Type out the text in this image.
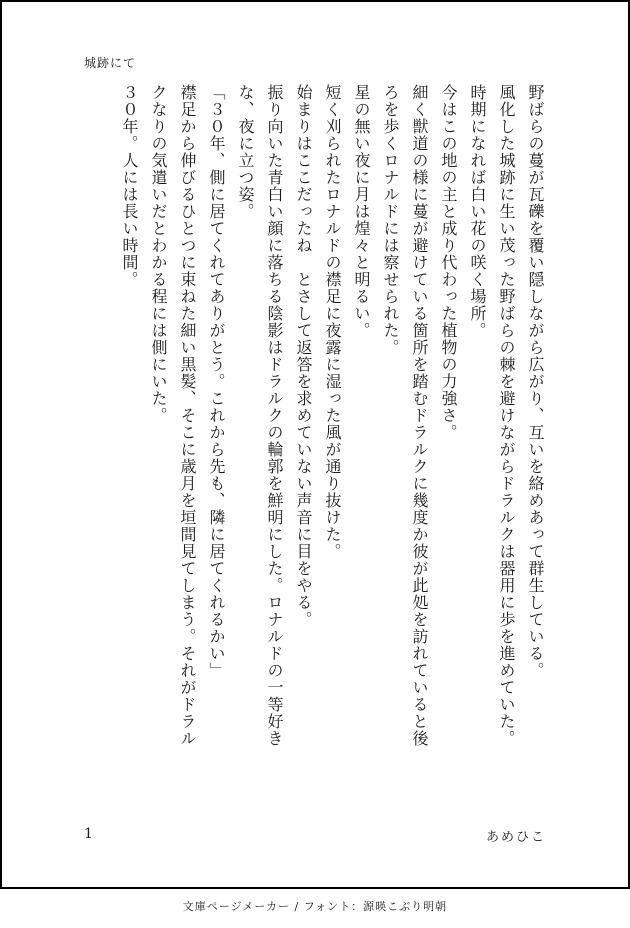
城跡にて

野ばらの蔓が瓦礫を覆い隠しながら広がり、互いを絡めあって群生している。

風化した城跡に生い茂った野ばらの棘を避けながらドラルクは器用に歩を進めていた。

時期になれば白い花の咲く場所。

今はこの地の主と成り代わった植物の力強さ。

細く獣道の様に蔓が避けている箇所を踏むドラルクに幾度か彼が此処を訪れていると後

ろを歩くロナルドには察せられた。

星の無い夜に月は煌々と明るい。

短く刈られたロナルドの襟足に夜露に湿った風が通り抜けた。

始まりはここだったね　とさして返答を求めていない声音に目をやる。

振り向いた青白い顔に落ちる陰影はドラルクの輪郭を鮮明にした。ロナルドの一等好き

な、夜に立つ姿。

「３０年、側に居てくれてありがとう。これから先も、隣に居てくれるかい」

襟足から伸びるひとつに束ねた細い黒髪、そこに歳月を垣間見てしまう。それがドラル

クなりの気遣いだとわかる程には側にいた。

３０年。人には長い時間。

1	あめひこ
文庫ページメーカー / フォント：源暎こぶり明朝
